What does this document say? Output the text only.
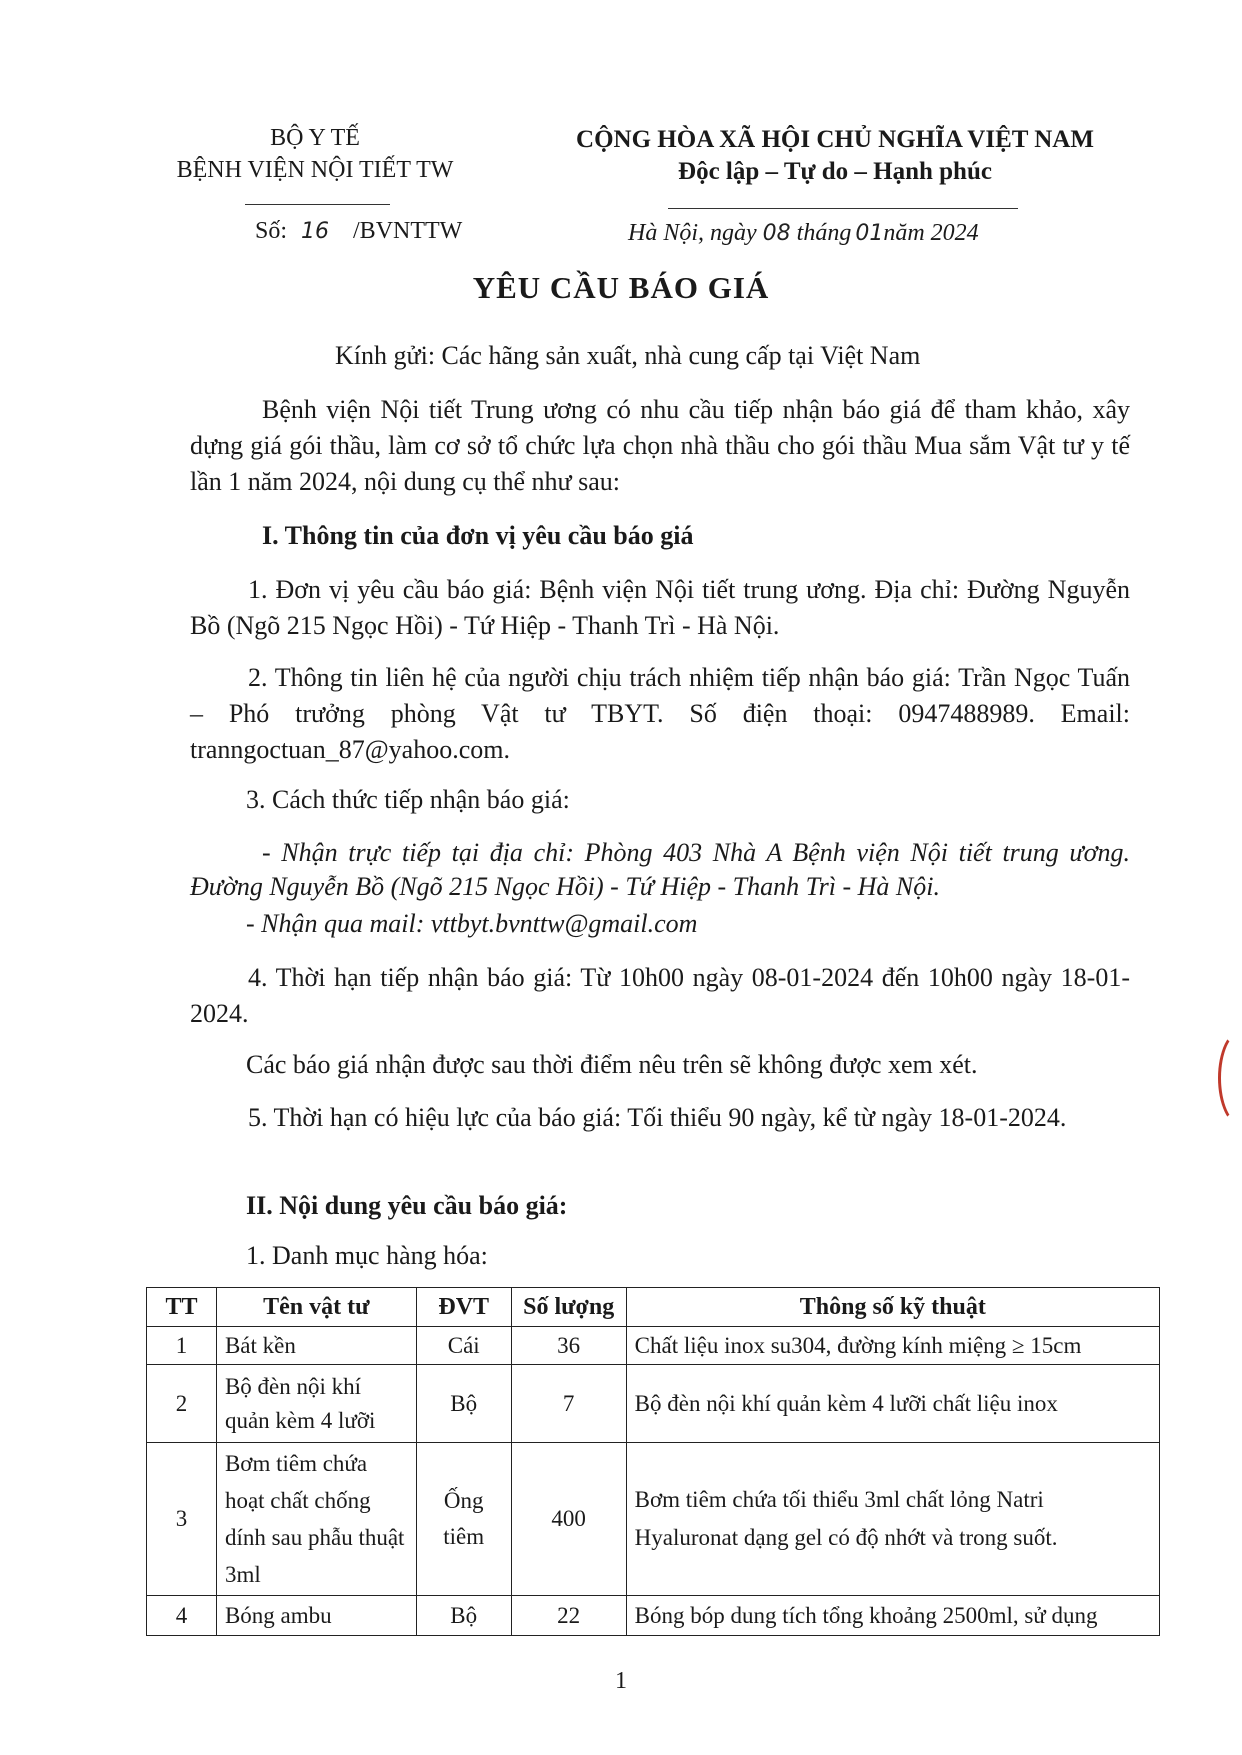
BỘ Y TẾ
BỆNH VIỆN NỘI TIẾT TW
CỘNG HÒA XÃ HỘI CHỦ NGHĨA VIỆT NAM
Độc lập – Tự do – Hạnh phúc
Số: 16 /BVNTTW	Hà Nội, ngày 08 tháng 01năm 2024
YÊU CẦU BÁO GIÁ
Kính gửi: Các hãng sản xuất, nhà cung cấp tại Việt Nam
Bệnh viện Nội tiết Trung ương có nhu cầu tiếp nhận báo giá để tham khảo, xây dựng giá gói thầu, làm cơ sở tổ chức lựa chọn nhà thầu cho gói thầu Mua sắm Vật tư y tế lần 1 năm 2024, nội dung cụ thể như sau:
I. Thông tin của đơn vị yêu cầu báo giá
1. Đơn vị yêu cầu báo giá: Bệnh viện Nội tiết trung ương. Địa chỉ: Đường Nguyễn Bồ (Ngõ 215 Ngọc Hồi) - Tứ Hiệp - Thanh Trì - Hà Nội.
2. Thông tin liên hệ của người chịu trách nhiệm tiếp nhận báo giá: Trần Ngọc Tuấn – Phó trưởng phòng Vật tư TBYT. Số điện thoại: 0947488989. Email: tranngoctuan_87@yahoo.com.
3. Cách thức tiếp nhận báo giá:
- Nhận trực tiếp tại địa chỉ: Phòng 403 Nhà A Bệnh viện Nội tiết trung ương. Đường Nguyễn Bồ (Ngõ 215 Ngọc Hồi) - Tứ Hiệp - Thanh Trì - Hà Nội.
- Nhận qua mail: vttbyt.bvnttw@gmail.com
4. Thời hạn tiếp nhận báo giá: Từ 10h00 ngày 08-01-2024 đến 10h00 ngày 18-01-2024.
Các báo giá nhận được sau thời điểm nêu trên sẽ không được xem xét.
5. Thời hạn có hiệu lực của báo giá: Tối thiểu 90 ngày, kể từ ngày 18-01-2024.
II. Nội dung yêu cầu báo giá:
1. Danh mục hàng hóa:
TT	Tên vật tư	ĐVT	Số lượng	Thông số kỹ thuật
1	Bát kền	Cái	36	Chất liệu inox su304, đường kính miệng ≥ 15cm
2	Bộ đèn nội khí quản kèm 4 lưỡi	Bộ	7	Bộ đèn nội khí quản kèm 4 lưỡi chất liệu inox
3	Bơm tiêm chứa hoạt chất chống dính sau phẫu thuật 3ml	Ống tiêm	400	Bơm tiêm chứa tối thiểu 3ml chất lỏng Natri Hyaluronat dạng gel có độ nhớt và trong suốt.
4	Bóng ambu	Bộ	22	Bóng bóp dung tích tổng khoảng 2500ml, sử dụng
1
